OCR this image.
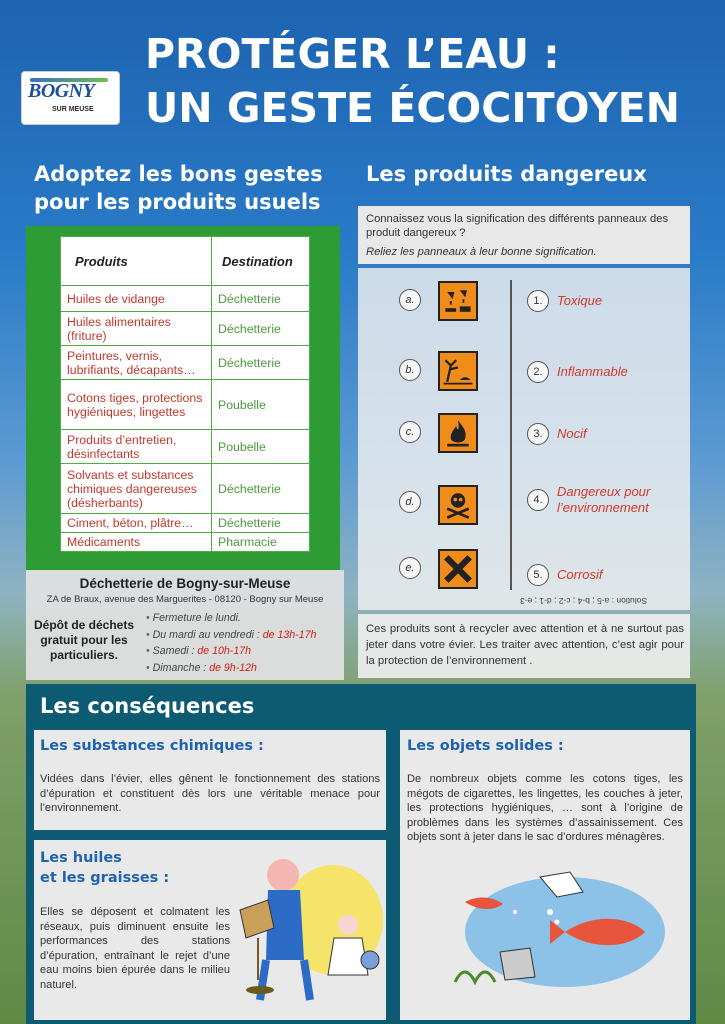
BOGNY
SUR MEUSE
PROTÉGER L’EAU :
UN GESTE ÉCOCITOYEN
Adoptez les bons gestes
pour les produits usuels
Produits	Destination
Huiles de vidange	Déchetterie
Huiles alimentaires (friture)	Déchetterie
Peintures, vernis, lubrifiants, décapants…	Déchetterie
Cotons tiges, protections hygiéniques, lingettes	Poubelle
Produits d’entretien, désinfectants	Poubelle
Solvants et substances chimiques dangereuses (désherbants)	Déchetterie
Ciment, béton, plâtre…	Déchetterie
Médicaments	Pharmacie
Déchetterie de Bogny-sur-Meuse
ZA de Braux, avenue des Marguerites - 08120 - Bogny sur Meuse
Dépôt de déchets gratuit pour les particuliers.
• Fermeture le lundi.
• Du mardi au vendredi : de 13h-17h
• Samedi : de 10h-17h
• Dimanche : de 9h-12h
Les produits dangereux
Connaissez vous la signification des différents panneaux des produit dangereux ?
Reliez les panneaux à leur bonne signification.
a.
b.
c.
d.
e.
1.	Toxique
2.	Inflammable
3.	Nocif
4.
Dangereux pour l’environnement
5.	Corrosif
Solution : a-5 ; b-4 ; c-2 ; d-1 ; e-3
Ces produits sont à recycler avec attention et à ne surtout pas jeter dans votre évier. Les traiter avec attention, c’est agir pour la protection de l’environnement .
Les conséquences
Les substances chimiques :
Vidées dans l’évier, elles gênent le fonctionnement des stations d’épuration et constituent dès lors une véritable menace pour l’environnement.
Les objets solides :
De nombreux objets comme les cotons tiges, les mégots de cigarettes, les lingettes, les couches à jeter, les protections hygiéniques, … sont à l’origine de problèmes dans les systèmes d’assainissement. Ces objets sont à jeter dans le sac d’ordures ménagères.
Les huiles
et les graisses :
Elles se déposent et colmatent les réseaux, puis diminuent ensuite les performances des stations d’épuration, entraînant le rejet d’une eau moins bien épurée dans le milieu naturel.
